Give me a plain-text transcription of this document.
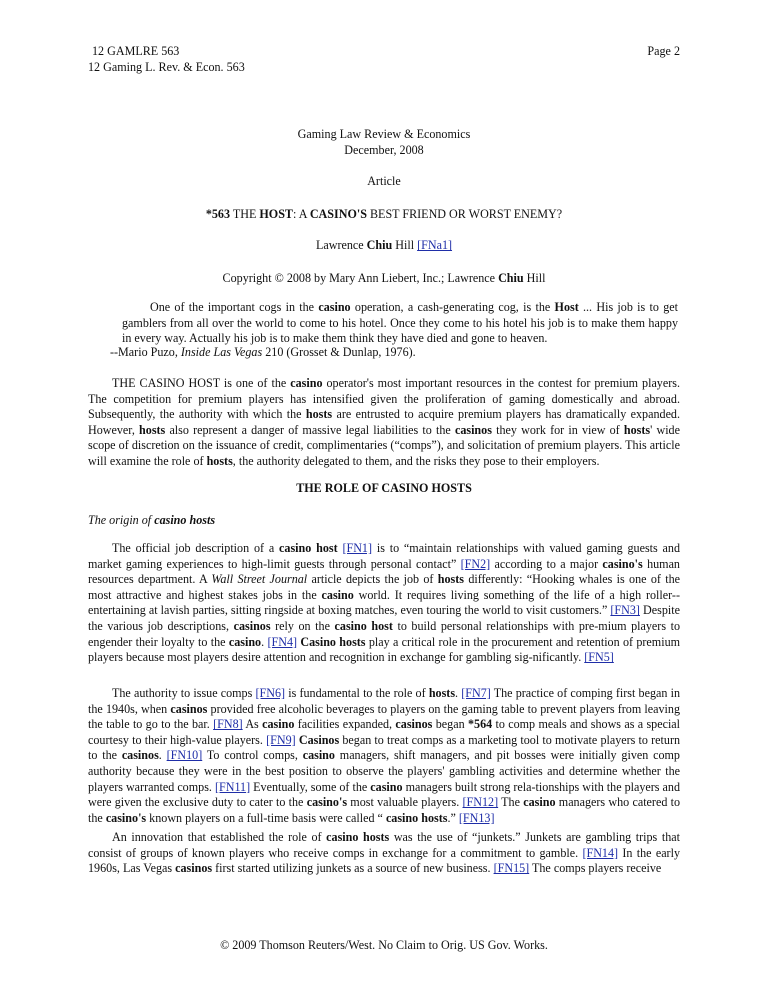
12 GAMLRE 563
12 Gaming L. Rev. & Econ. 563
Page 2
Gaming Law Review & Economics
December, 2008
Article
*563 THE HOST: A CASINO'S BEST FRIEND OR WORST ENEMY?
Lawrence Chiu Hill [FNa1]
Copyright © 2008 by Mary Ann Liebert, Inc.; Lawrence Chiu Hill
One of the important cogs in the casino operation, a cash-generating cog, is the Host ... His job is to get gamblers from all over the world to come to his hotel. Once they come to his hotel his job is to make them happy in every way. Actually his job is to make them think they have died and gone to heaven.
--Mario Puzo, Inside Las Vegas 210 (Grosset & Dunlap, 1976).

THE CASINO HOST is one of the casino operator's most important resources in the contest for premium players. The competition for premium players has intensified given the proliferation of gaming domestically and abroad. Subsequently, the authority with which the hosts are entrusted to acquire premium players has dramatically expanded. However, hosts also represent a danger of massive legal liabilities to the casinos they work for in view of hosts' wide scope of discretion on the issuance of credit, complimentaries (“comps”), and solicitation of premium players. This article will examine the role of hosts, the authority delegated to them, and the risks they pose to their employers.

THE ROLE OF CASINO HOSTS
The origin of casino hosts

The official job description of a casino host [FN1] is to “maintain relationships with valued gaming guests and market gaming experiences to high-limit guests through personal contact” [FN2] according to a major casino's human resources department. A Wall Street Journal article depicts the job of hosts differently: “Hooking whales is one of the most attractive and highest stakes jobs in the casino world. It requires living something of the life of a high roller--entertaining at lavish parties, sitting ringside at boxing matches, even touring the world to visit customers.” [FN3] Despite the various job descriptions, casinos rely on the casino host to build personal relationships with pre-mium players to engender their loyalty to the casino. [FN4] Casino hosts play a critical role in the procurement and retention of premium players because most players desire attention and recognition in exchange for gambling sig-nificantly. [FN5]

The authority to issue comps [FN6] is fundamental to the role of hosts. [FN7] The practice of comping first began in the 1940s, when casinos provided free alcoholic beverages to players on the gaming table to prevent players from leaving the table to go to the bar. [FN8] As casino facilities expanded, casinos began *564 to comp meals and shows as a special courtesy to their high-value players. [FN9] Casinos began to treat comps as a marketing tool to motivate players to return to the casinos. [FN10] To control comps, casino managers, shift managers, and pit bosses were initially given comp authority because they were in the best position to observe the players' gambling activities and determine whether the players warranted comps. [FN11] Eventually, some of the casino managers built strong rela-tionships with the players and were given the exclusive duty to cater to the casino's most valuable players. [FN12] The casino managers who catered to the casino's known players on a full-time basis were called “ casino hosts.” [FN13]

An innovation that established the role of casino hosts was the use of “junkets.” Junkets are gambling trips that consist of groups of known players who receive comps in exchange for a commitment to gamble. [FN14] In the early 1960s, Las Vegas casinos first started utilizing junkets as a source of new business. [FN15] The comps players receive

© 2009 Thomson Reuters/West. No Claim to Orig. US Gov. Works.
